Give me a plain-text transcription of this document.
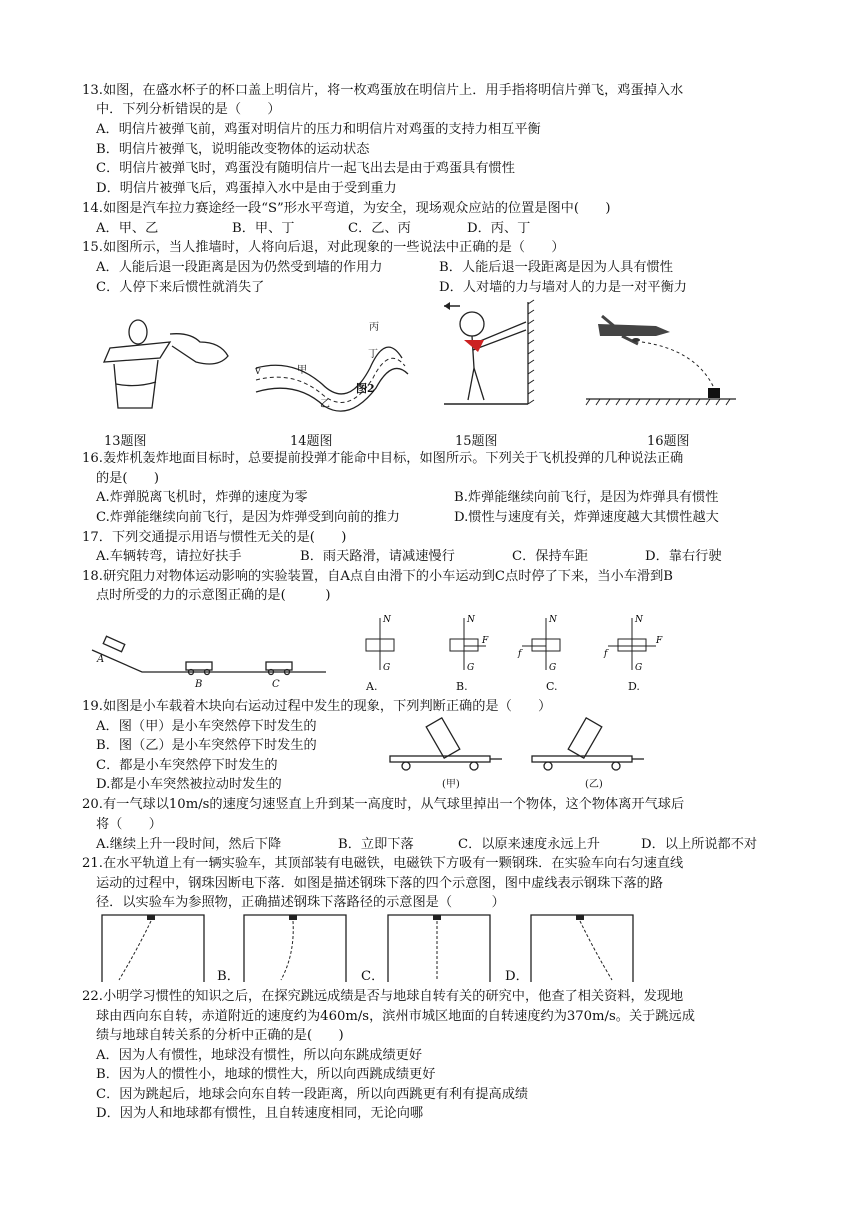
13.如图，在盛水杯子的杯口盖上明信片，将一枚鸡蛋放在明信片上．用手指将明信片弹飞，鸡蛋掉入水
中．下列分析错误的是（　　）
A．明信片被弹飞前，鸡蛋对明信片的压力和明信片对鸡蛋的支持力相互平衡
B．明信片被弹飞，说明能改变物体的运动状态
C．明信片被弹飞时，鸡蛋没有随明信片一起飞出去是由于鸡蛋具有惯性
D．明信片被弹飞后，鸡蛋掉入水中是由于受到重力
14.如图是汽车拉力赛途经一段“S”形水平弯道，为安全，现场观众应站的位置是图中(　　)
A．甲、乙	B．甲、丁	C．乙、丙	D．丙、丁
15.如图所示，当人推墙时，人将向后退，对此现象的一些说法中正确的是（　　）
A．人能后退一段距离是因为仍然受到墙的作用力	B．人能后退一段距离是因为人具有惯性
C．人停下来后惯性就消失了	D．人对墙的力与墙对人的力是一对平衡力
v	甲
乙
丙
丁
图2
13题图	14题图	15题图	16题图
16.轰炸机轰炸地面目标时，总要提前投弹才能命中目标，如图所示。下列关于飞机投弹的几种说法正确
的是(　　)
A.炸弹脱离飞机时，炸弹的速度为零	B.炸弹能继续向前飞行，是因为炸弹具有惯性
C.炸弹能继续向前飞行，是因为炸弹受到向前的推力	D.惯性与速度有关，炸弹速度越大其惯性越大
17．下列交通提示用语与惯性无关的是(　　)
A.车辆转弯，请拉好扶手	B．雨天路滑，请减速慢行	C．保持车距	D．靠右行驶
18.研究阻力对物体运动影响的实验装置，自A点自由滑下的小车运动到C点时停了下来，当小车滑到B
点时所受的力的示意图正确的是(　　　)
A
B	C
N
G
N
G
F
N
G
f
N
G
f
F
A.	B.	C.	D.
19.如图是小车载着木块向右运动过程中发生的现象，下列判断正确的是（　　）
A．图（甲）是小车突然停下时发生的
B．图（乙）是小车突然停下时发生的
C．都是小车突然停下时发生的
D.都是小车突然被拉动时发生的	(甲)	(乙)
20.有一气球以10m/s的速度匀速竖直上升到某一高度时，从气球里掉出一个物体，这个物体离开气球后
将（　　）
A.继续上升一段时间，然后下降	B．立即下落	C．以原来速度永远上升	D．以上所说都不对
21.在水平轨道上有一辆实验车，其顶部装有电磁铁，电磁铁下方吸有一颗钢珠．在实验车向右匀速直线
运动的过程中，钢珠因断电下落．如图是描述钢珠下落的四个示意图，图中虚线表示钢珠下落的路
径．以实验车为参照物，正确描述钢珠下落路径的示意图是（　　　）
B．	C．	D．
22.小明学习惯性的知识之后，在探究跳远成绩是否与地球自转有关的研究中，他查了相关资料，发现地
球由西向东自转，赤道附近的速度约为460m/s，滨州市城区地面的自转速度约为370m/s。关于跳远成
绩与地球自转关系的分析中正确的是(　　)
A．因为人有惯性，地球没有惯性，所以向东跳成绩更好
B．因为人的惯性小，地球的惯性大，所以向西跳成绩更好
C．因为跳起后，地球会向东自转一段距离，所以向西跳更有利有提高成绩
D．因为人和地球都有惯性，且自转速度相同，无论向哪
